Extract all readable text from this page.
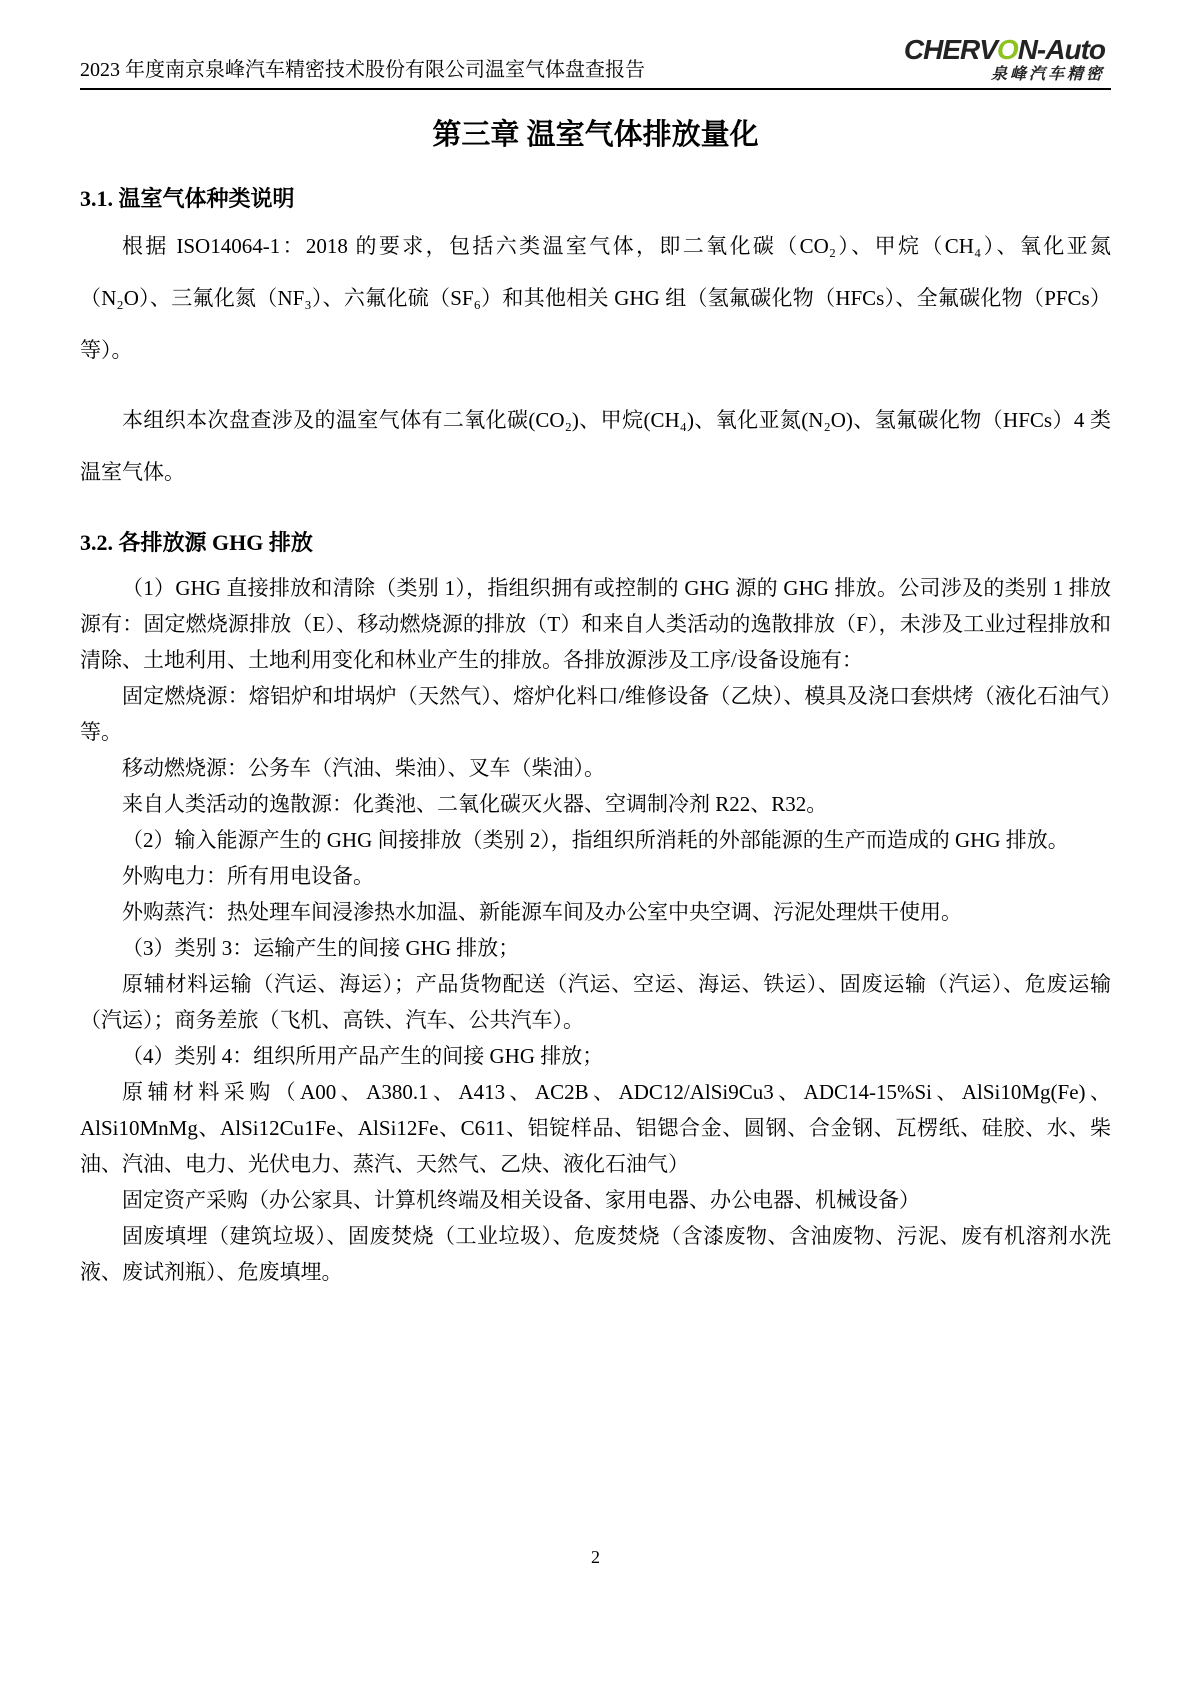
2023 年度南京泉峰汽车精密技术股份有限公司温室气体盘查报告
CHERVON-Auto
泉峰汽车精密
第三章 温室气体排放量化
3.1. 温室气体种类说明

根据 ISO14064-1：2018 的要求，包括六类温室气体，即二氧化碳（CO₂）、甲烷（CH₄）、氧化亚氮（N₂O）、三氟化氮（NF₃）、六氟化硫（SF₆）和其他相关 GHG 组（氢氟碳化物（HFCs）、全氟碳化物（PFCs）等）。

本组织本次盘查涉及的温室气体有二氧化碳(CO₂)、甲烷(CH₄)、氧化亚氮(N₂O)、氢氟碳化物（HFCs）4 类温室气体。

3.2. 各排放源 GHG 排放

（1）GHG 直接排放和清除（类别 1），指组织拥有或控制的 GHG 源的 GHG 排放。公司涉及的类别 1 排放源有：固定燃烧源排放（E）、移动燃烧源的排放（T）和来自人类活动的逸散排放（F），未涉及工业过程排放和清除、土地利用、土地利用变化和林业产生的排放。各排放源涉及工序/设备设施有：

固定燃烧源：熔铝炉和坩埚炉（天然气）、熔炉化料口/维修设备（乙炔）、模具及浇口套烘烤（液化石油气）等。

移动燃烧源：公务车（汽油、柴油）、叉车（柴油）。

来自人类活动的逸散源：化粪池、二氧化碳灭火器、空调制冷剂 R22、R32。

（2）输入能源产生的 GHG 间接排放（类别 2），指组织所消耗的外部能源的生产而造成的 GHG 排放。

外购电力：所有用电设备。

外购蒸汽：热处理车间浸渗热水加温、新能源车间及办公室中央空调、污泥处理烘干使用。

（3）类别 3：运输产生的间接 GHG 排放；

原辅材料运输（汽运、海运）；产品货物配送（汽运、空运、海运、铁运）、固废运输（汽运）、危废运输（汽运）；商务差旅（飞机、高铁、汽车、公共汽车）。

（4）类别 4：组织所用产品产生的间接 GHG 排放；

原辅材料采购（A00、A380.1、A413、AC2B、ADC12/AlSi9Cu3、ADC14-15%Si、AlSi10Mg(Fe)、AlSi10MnMg、AlSi12Cu1Fe、AlSi12Fe、C611、铝锭样品、铝锶合金、圆钢、合金钢、瓦楞纸、硅胶、水、柴油、汽油、电力、光伏电力、蒸汽、天然气、乙炔、液化石油气）

固定资产采购（办公家具、计算机终端及相关设备、家用电器、办公电器、机械设备）

固废填埋（建筑垃圾）、固废焚烧（工业垃圾）、危废焚烧（含漆废物、含油废物、污泥、废有机溶剂水洗液、废试剂瓶）、危废填埋。

2
